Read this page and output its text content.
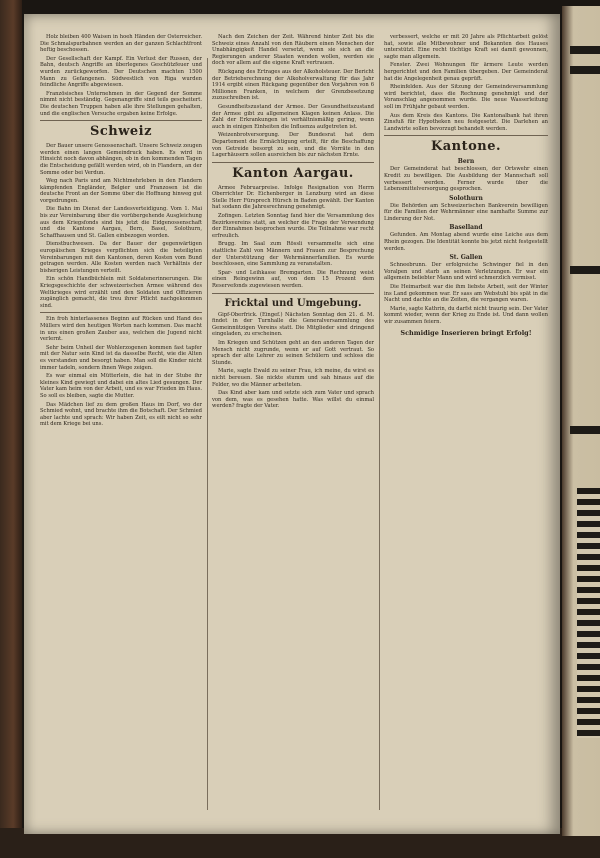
Holz bleiben 400 Waisen in hoeh Händen der Österreicher. Die Schmalspurbahnen werden an der ganzen Schlachtfront heftig beschossen.

Der Gesellschaft der Kampf. Ein Verlust der Russen, der Bahn, deutsch Angriffe an überlegenes Geschützfeuer und wurden zurückgeworfen. Der Deutschen machten 1500 Mann zu Gefangenen. Südwestlich von Riga wurden feindliche Angriffe abgewiesen.

Französisches Unternehmen in der Gegend der Somme nimmt nicht beständig. Gegenangriffe sind teils gescheitert. Die deutschen Truppen haben alle ihre Stellungen gehalten, und die englischen Versuche ergaben keine Erfolge.

Schweiz

Der Bauer unsere Genossenschaft. Unsere Schweiz zeugen werden einen langen Gemeindruck haben. Es wird in Hinsicht noch davon abhängen, ob in den kommenden Tagen die Entscheidung gefällt werden wird, ob in Flandern, an der Somme oder bei Verdun.

Weg nach Paris und am Nichtmehrleben in den Flandern kämpfenden Engländer, Belgier und Franzosen ist die deutsche Front an der Somme über die Hoffnung hinweg gut vorgedrungen.

Die Bahn im Dienst der Landesverteidigung. Vom 1. Mai bis zur Vereinbarung über die vorübergehende Ausgleichung aus dem Kriegsfonds sind bis jetzt die Eidgenossenschaft und die Kantone Aargau, Bern, Basel, Solothurn, Schaffhausen und St. Gallen einbezogen worden.

Dienstbuchwesen. Da der Bauer der gegenwärtigen europäischen Krieges verpflichten sich die beteiligten Vereinbarungen mit den Kantonen, deren Kosten vom Bund getragen werden. Alle Kosten werden nach Verhältnis der bisherigen Leistungen verteilt.

Ein schön Handbüchlein mit Soldatenerinnerungen. Die Kriegsgeschichte der schweizerischen Armee während des Weltkrieges wird erzählt und den Soldaten und Offizieren zugänglich gemacht, die treu ihrer Pflicht nachgekommen sind.

Ein froh hinterlassenes Beginn auf Rücken und Hand des Müllers wird den heutigen Worten nach kommen. Das macht in uns einen großen Zauber aus, welchen die Jugend nicht verlernt.

Sehr beim Unheil der Wohlerzogenen kommen fast tapfer mit der Natur sein Kind ist da dasselbe Recht, wie die Alten es verstanden und besorgt haben. Man soll die Kinder nicht immer tadeln, sondern ihnen Wege zeigen.

Es war einmal ein Mütterlein, die hat in der Stube ihr kleines Kind gewiegt und dabei ein altes Lied gesungen. Der Vater kam heim von der Arbeit, und es war Frieden im Haus. So soll es bleiben, sagte die Mutter.

Das Mädchen lief zu dem großen Haus im Dorf, wo der Schmied wohnt, und brachte ihm die Botschaft. Der Schmied aber lachte und sprach: Wir haben Zeit, es eilt nicht so sehr mit dem Kriege bei uns.

Nach den Zeichen der Zeit. Während hinter Zeit bis die Schweiz eines Anzahl von den Räubern einen Menschen der Unabhängigkeit Handel versetzt, wenn sie sich an die Regierungen anderer Staaten wenden wollen, werden sie doch vor allem auf die eigene Kraft vertrauen.

Rückgang des Ertrages aus der Alkoholsteuer. Der Bericht der Betriebsrechnung der Alkoholverwaltung für das Jahr 1914 ergibt einen Rückgang gegenüber den Vorjahren von 6 Millionen Franken, in welchem der Grenzbesetzung zuzuschreiben ist.

Gesundheitszustand der Armee. Der Gesundheitszustand der Armee gibt zu allgemeinen Klagen keinen Anlass. Die Zahl der Erkrankungen ist verhältnismäßig gering, wenn auch in einigen Einheiten die Influenza aufgetreten ist.

Weizenbrotversorgung. Der Bundesrat hat dem Departement die Ermächtigung erteilt, für die Beschaffung von Getreide besorgt zu sein, und die Vorräte in den Lagerhäusern sollen ausreichen bis zur nächsten Ernte.

Kanton Aargau.

Armee Februarpreise. Infolge Resignation von Herrn Oberrichter Dr. Eichenberger in Lenzburg wird an diese Stelle Herr Fürsprech Hürsch in Baden gewählt. Der Kanton hat sodann die Jahresrechnung genehmigt.

Zofingen. Letzten Sonntag fand hier die Versammlung des Bezirksvereins statt, an welcher die Frage der Verwendung der Einnahmen besprochen wurde. Die Teilnahme war recht erfreulich.

Brugg. Im Saal zum Rössli versammelte sich eine stattliche Zahl von Männern und Frauen zur Besprechung der Unterstützung der Wehrmännerfamilien. Es wurde beschlossen, eine Sammlung zu veranstalten.

Spar- und Leihkasse Bremgarten. Die Rechnung weist einen Reingewinn auf, von dem 15 Prozent dem Reservefonds zugewiesen werden.

Fricktal und Umgebung.

Gipf-Oberfrick. (Eingef.) Nächsten Sonntag den 21. d. M. findet in der Turnhalle die Generalversammlung des Gemeinnützigen Vereins statt. Die Mitglieder sind dringend eingeladen, zu erscheinen.

Im Kriegen und Schützen geht an den anderen Tagen der Mensch nicht zugrunde, wenn er auf Gott vertraut. So sprach der alte Lehrer zu seinen Schülern und schloss die Stunde.

Marie, sagte Ewald zu seiner Frau, ich meine, du wirst es nicht bereuen. Sie nickte stumm und sah hinaus auf die Felder, wo die Männer arbeiteten.

Das Kind aber kam und setzte sich zum Vater und sprach von dem, was es gesehen hatte. Was willst du einmal werden? fragte der Vater.

verbessert, welche er mit 20 Jahre als Pflichtarbeit gelöst hat, sowie alle Mitbewohner und Bekannten des Hauses unterstützt. Eine recht tüchtige Kraft sei damit gewonnen, sagte man allgemein.

Fenster. Zwei Wohnungen für ärmere Leute werden hergerichtet und den Familien übergeben. Der Gemeinderat hat die Angelegenheit genau geprüft.

Rheinfelden. Aus der Sitzung der Gemeindeversammlung wird berichtet, dass die Rechnung genehmigt und der Voranschlag angenommen wurde. Die neue Wasserleitung soll im Frühjahr gebaut werden.

Aus dem Kreis des Kantons. Die Kantonalbank hat ihren Zinsfuß für Hypotheken neu festgesetzt. Die Darlehen an Landwirte sollen bevorzugt behandelt werden.

Kantone.
Bern

Der Gemeinderat hat beschlossen, der Ortswehr einen Kredit zu bewilligen. Die Ausbildung der Mannschaft soll verbessert werden. Ferner wurde über die Lebensmittelversorgung gesprochen.

Solothurn

Die Behörden am Schweizerischen Bankverein bewilligen für die Familien der Wehrmänner eine namhafte Summe zur Linderung der Not.

Baselland

Gefunden. Am Montag abend wurde eine Leiche aus dem Rhein gezogen. Die Identität konnte bis jetzt nicht festgestellt werden.

St. Gallen

Schneebrunn. Der erfolgreiche Schwinger fiel in den Voralpen und starb an seinen Verletzungen. Er war ein allgemein beliebter Mann und wird schmerzlich vermisst.

Die Heimarbeit war die ihm liebste Arbeit, seit der Winter ins Land gekommen war. Er sass am Webstuhl bis spät in die Nacht und dachte an die Zeiten, die vergangen waren.

Marie, sagte Kathrin, du darfst nicht traurig sein. Der Vater kommt wieder, wenn der Krieg zu Ende ist. Und dann wollen wir zusammen feiern.

Schmidige Inserieren bringt Erfolg!
